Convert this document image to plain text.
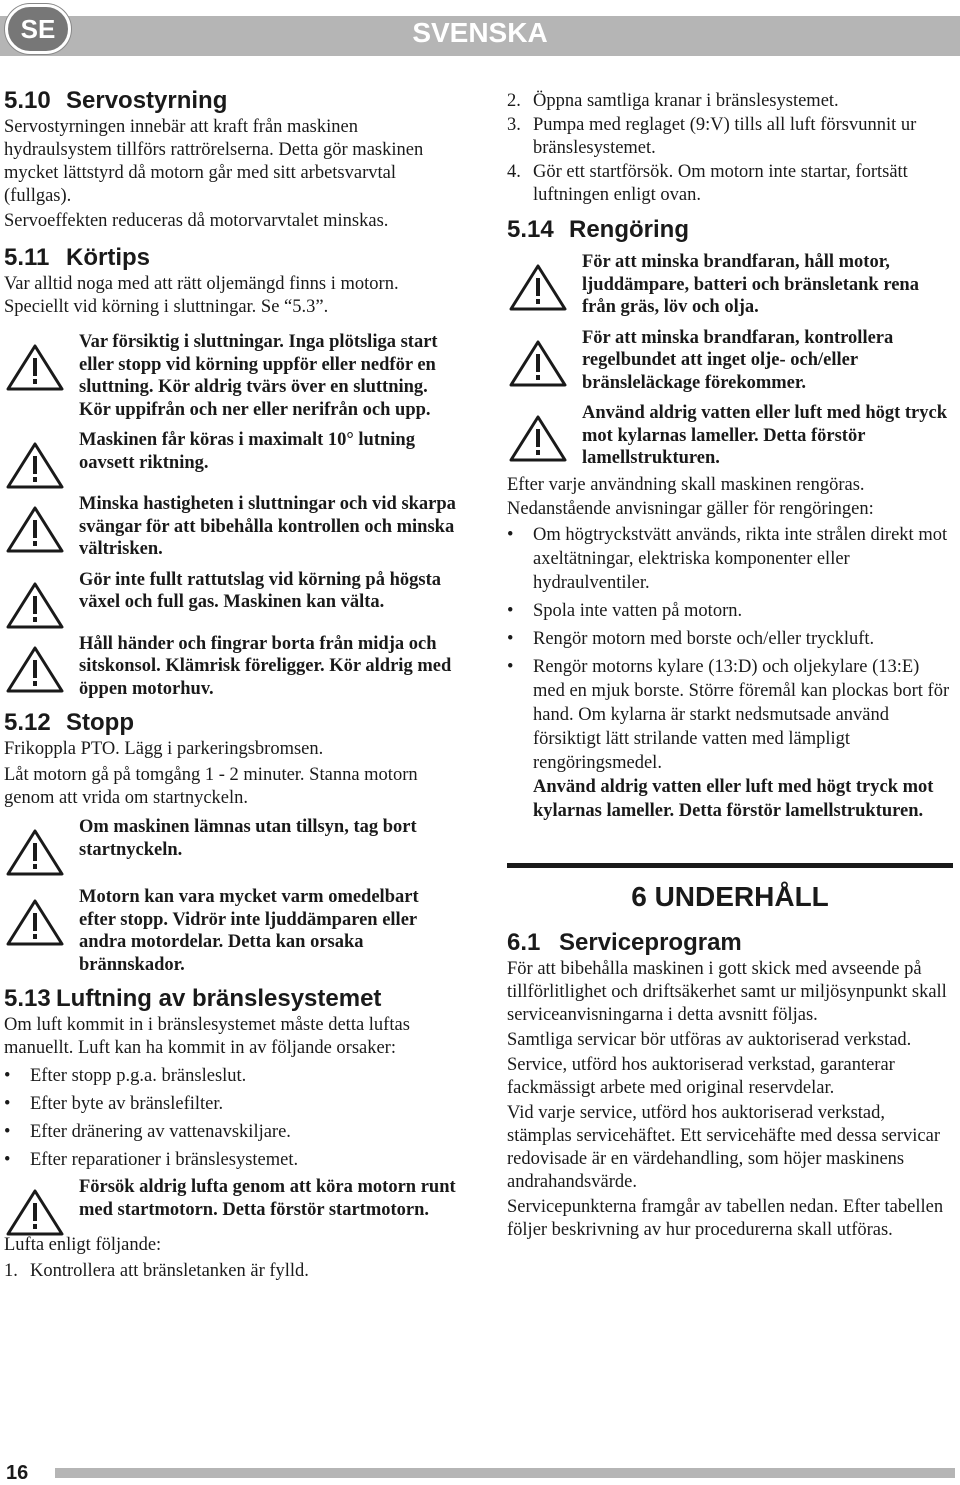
SVENSKA
SE
5.10 Servostyrning
Servostyrningen innebär att kraft från maskinen hydraulsystem tillförs rattrörelserna. Detta gör maskinen mycket lättstyrd då motorn går med sitt arbetsvarvtal (fullgas).
Servoeffekten reduceras då motorvarvtalet minskas.
5.11 Körtips
Var alltid noga med att rätt oljemängd finns i motorn. Speciellt vid körning i sluttningar. Se “5.3”.
Var försiktig i sluttningar. Inga plötsliga start eller stopp vid körning uppför eller nedför en sluttning. Kör aldrig tvärs över en sluttning. Kör uppifrån och ner eller nerifrån och upp.
Maskinen får köras i maximalt 10° lutning oavsett riktning.
Minska hastigheten i sluttningar och vid skarpa svängar för att bibehålla kontrollen och minska vältrisken.
Gör inte fullt rattutslag vid körning på högsta växel och full gas. Maskinen kan välta.
Håll händer och fingrar borta från midja och sitskonsol. Klämrisk föreligger. Kör aldrig med öppen motorhuv.
5.12 Stopp
Frikoppla PTO. Lägg i parkeringsbromsen.
Låt motorn gå på tomgång 1 - 2 minuter. Stanna motorn genom att vrida om startnyckeln.
Om maskinen lämnas utan tillsyn, tag bort startnyckeln.
Motorn kan vara mycket varm omedelbart efter stopp. Vidrör inte ljuddämparen eller andra motordelar. Detta kan orsaka brännskador.
5.13 Luftning av bränslesystemet
Om luft kommit in i bränslesystemet måste detta luftas manuellt. Luft kan ha kommit in av följande orsaker:
• Efter stopp p.g.a. bränsleslut.
• Efter byte av bränslefilter.
• Efter dränering av vattenavskiljare.
• Efter reparationer i bränslesystemet.
Försök aldrig lufta genom att köra motorn runt med startmotorn. Detta förstör startmotorn.
Lufta enligt följande:
1. Kontrollera att bränsletanken är fylld.
2. Öppna samtliga kranar i bränslesystemet.
3. Pumpa med reglaget (9:V) tills all luft försvunnit ur bränslesystemet.
4. Gör ett startförsök. Om motorn inte startar, fortsätt luftningen enligt ovan.
5.14 Rengöring
För att minska brandfaran, håll motor, ljuddämpare, batteri och bränsletank rena från gräs, löv och olja.
För att minska brandfaran, kontrollera regelbundet att inget olje- och/eller bränsleläckage förekommer.
Använd aldrig vatten eller luft med högt tryck mot kylarnas lameller. Detta förstör lamellstrukturen.
Efter varje användning skall maskinen rengöras.
Nedanstående anvisningar gäller för rengöringen:
• Om högtryckstvätt används, rikta inte strålen direkt mot axeltätningar, elektriska komponenter eller hydraulventiler.
• Spola inte vatten på motorn.
• Rengör motorn med borste och/eller tryckluft.
• Rengör motorns kylare (13:D) och oljekylare (13:E) med en mjuk borste. Större föremål kan plockas bort för hand. Om kylarna är starkt nedsmutsade använd försiktigt lätt strilande vatten med lämpligt rengöringsmedel.
Använd aldrig vatten eller luft med högt tryck mot kylarnas lameller. Detta förstör lamellstrukturen.
6 UNDERHÅLL
6.1 Serviceprogram
För att bibehålla maskinen i gott skick med avseende på tillförlitlighet och driftsäkerhet samt ur miljösynpunkt skall serviceanvisningarna i detta avsnitt följas.
Samtliga servicar bör utföras av auktoriserad verkstad.
Service, utförd hos auktoriserad verkstad, garanterar fackmässigt arbete med original reservdelar.
Vid varje service, utförd hos auktoriserad verkstad, stämplas servicehäftet. Ett servicehäfte med dessa servicar redovisade är en värdehandling, som höjer maskinens andrahandsvärde.
Servicepunkterna framgår av tabellen nedan. Efter tabellen följer beskrivning av hur procedurerna skall utföras.
16
